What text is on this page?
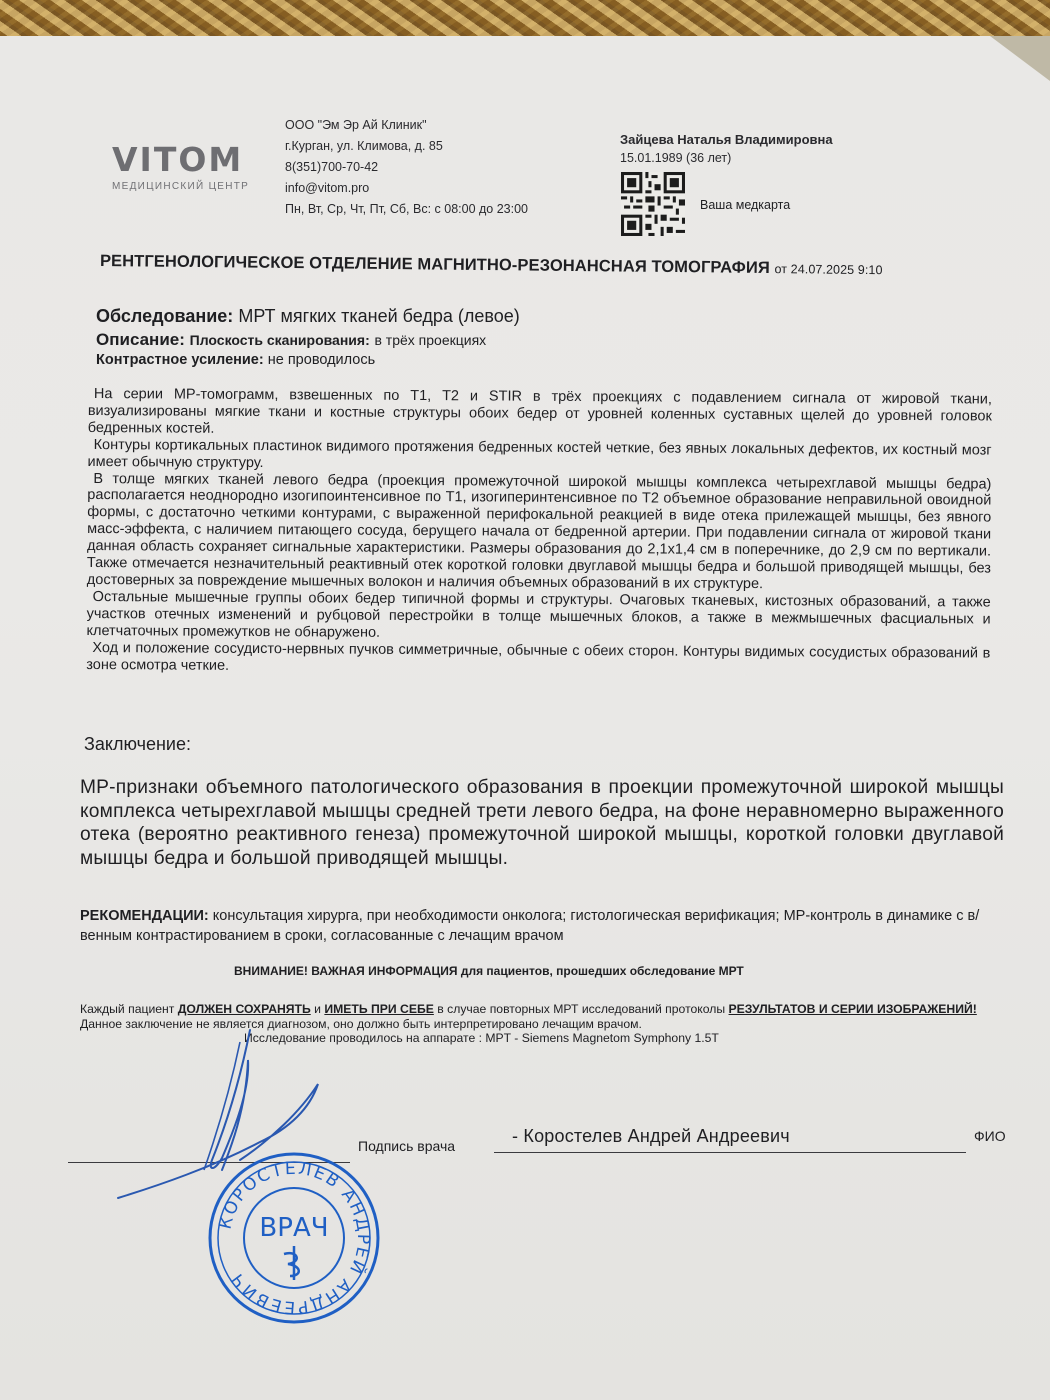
VITOM
МЕДИЦИНСКИЙ ЦЕНТР
ООО "Эм Эр Ай Клиник"
г.Курган, ул. Климова, д. 85
8(351)700-70-42
info@vitom.pro
Пн, Вт, Ср, Чт, Пт, Сб, Вс: с 08:00 до 23:00
Зайцева Наталья Владимировна
15.01.1989 (36 лет)
Ваша медкарта
РЕНТГЕНОЛОГИЧЕСКОЕ ОТДЕЛЕНИЕ МАГНИТНО-РЕЗОНАНСНАЯ ТОМОГРАФИЯ от 24.07.2025 9:10
Обследование: МРТ мягких тканей бедра (левое)
Описание: Плоскость сканирования: в трёх проекциях
Контрастное усиление: не проводилось

На серии МР-томограмм, взвешенных по Т1, Т2 и STIR в трёх проекциях с подавлением сигнала от жировой ткани, визуализированы мягкие ткани и костные структуры обоих бедер от уровней коленных суставных щелей до уровней головок бедренных костей.

Контуры кортикальных пластинок видимого протяжения бедренных костей четкие, без явных локальных дефектов, их костный мозг имеет обычную структуру.

В толще мягких тканей левого бедра (проекция промежуточной широкой мышцы комплекса четырехглавой мышцы бедра) располагается неоднородно изогипоинтенсивное по Т1, изогиперинтенсивное по Т2 объемное образование неправильной овоидной формы, с достаточно четкими контурами, с выраженной перифокальной реакцией в виде отека прилежащей мышцы, без явного масс-эффекта, с наличием питающего сосуда, берущего начала от бедренной артерии. При подавлении сигнала от жировой ткани данная область сохраняет сигнальные характеристики. Размеры образования до 2,1х1,4 см в поперечнике, до 2,9 см по вертикали. Также отмечается незначительный реактивный отек короткой головки двуглавой мышцы бедра и большой приводящей мышцы, без достоверных за повреждение мышечных волокон и наличия объемных образований в их структуре.

Остальные мышечные группы обоих бедер типичной формы и структуры. Очаговых тканевых, кистозных образований, а также участков отечных изменений и рубцовой перестройки в толще мышечных блоков, а также в межмышечных фасциальных и клетчаточных промежутков не обнаружено.

Ход и положение сосудисто-нервных пучков симметричные, обычные с обеих сторон. Контуры видимых сосудистых образований в зоне осмотра четкие.

Заключение:
МР-признаки объемного патологического образования в проекции промежуточной широкой мышцы комплекса четырехглавой мышцы средней трети левого бедра, на фоне неравномерно выраженного отека (вероятно реактивного генеза) промежуточной широкой мышцы, короткой головки двуглавой мышцы бедра и большой приводящей мышцы.
РЕКОМЕНДАЦИИ: консультация хирурга, при необходимости онколога; гистологическая верификация; МР-контроль в динамике с в/венным контрастированием в сроки, согласованные с лечащим врачом
ВНИМАНИЕ! ВАЖНАЯ ИНФОРМАЦИЯ для пациентов, прошедших обследование МРТ
Каждый пациент ДОЛЖЕН СОХРАНЯТЬ и ИМЕТЬ ПРИ СЕБЕ в случае повторных МРТ исследований протоколы РЕЗУЛЬТАТОВ И СЕРИИ ИЗОБРАЖЕНИЙ! Данное заключение не является диагнозом, оно должно быть интерпретировано лечащим врачом.
Исследование проводилось на аппарате : MPT - Siemens Magnetom Symphony 1.5T
Подпись врача	- Коростелев Андрей Андреевич	ФИО
КОРОСТЕЛЕВ АНДРЕЙ АНДРЕЕВИЧ
ВРАЧ
